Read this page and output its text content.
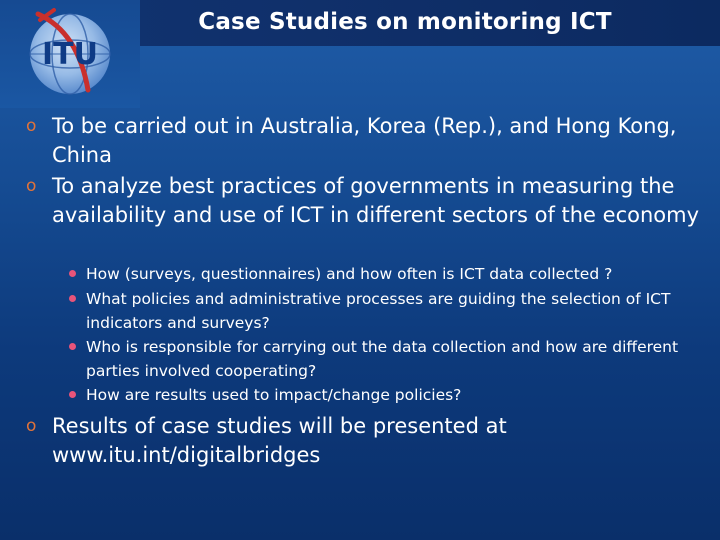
ITU
Case Studies on monitoring ICT
o To be carried out in Australia, Korea (Rep.), and Hong Kong, China
o To analyze best practices of governments in measuring the availability and use of ICT in different sectors of the economy
How (surveys, questionnaires) and how often is ICT data collected ?
What policies and administrative processes are guiding the selection of ICT indicators and surveys?
Who is responsible for carrying out the data collection and how are different parties involved cooperating?
How are results used to impact/change policies?
o Results of case studies will be presented at www.itu.int/digitalbridges
